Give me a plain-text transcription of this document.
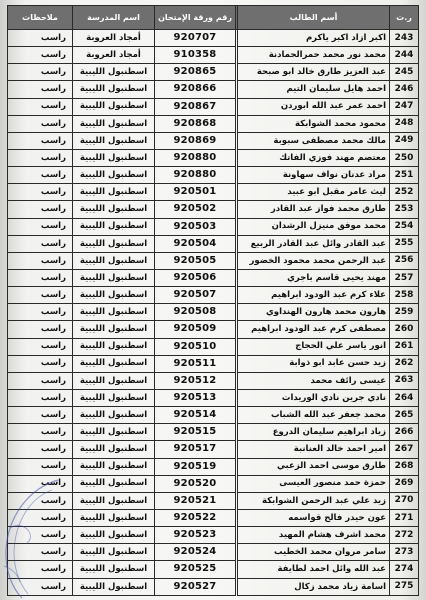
ر.ت	أسم الطالب		رقم ورقة الإمتحان	اسم المدرسة	ملاحظات
243	اكبر ازاد اكبر ياكرم		920707	أمجاد العروبة	راسب
244	محمد نور محمد حمرالحمادنة		910358	أمجاد العروبة	راسب
245	عبد العزيز طارق خالد ابو صبحة		920865	اسطنبول الليبية	راسب
246	احمد هايل سليمان التيم		920866	اسطنبول الليبية	راسب
247	احمد عمر عبد الله ابوردن		920867	اسطنبول الليبية	راسب
248	محمود محمد الشوابكة		920868	اسطنبول الليبية	راسب
249	مالك محمد مصطفى سبوبة		920869	اسطنبول الليبية	راسب
250	معتصم مهند فوزي الفاتك		920880	اسطنبول الليبية	راسب
251	مراد عدنان نواف سهاونة		920880	اسطنبول الليبية	راسب
252	ليث عامر مقبل ابو عبيد		920501	اسطنبول الليبية	راسب
253	طارق محمد فواز عبد القادر		920502	اسطنبول الليبية	راسب
254	محمد موفق منيزل الرشدان		920503	اسطنبول الليبية	راسب
255	عبد القادر وائل عبد القادر الربيع		920504	اسطنبول الليبية	راسب
256	عبد الرحمن محمد محمود الخضور		920505	اسطنبول الليبية	راسب
257	مهند يحيى قاسم باجري		920506	اسطنبول الليبية	راسب
258	علاء كرم عبد الودود ابراهيم		920507	اسطنبول الليبية	راسب
259	هارون محمد هارون الهنداوي		920508	اسطنبول الليبية	راسب
260	مصطفى كرم عبد الودود ابراهيم		920509	اسطنبول الليبية	راسب
261	انور ياسر علي الحجاج		920510	اسطنبول الليبية	راسب
262	زيد حسن عابد ابو ذوابة		920511	اسطنبول الليبية	راسب
263	عيسى رائف محمد		920512	اسطنبول الليبية	راسب
264	نادي جرين نادي الوريدات		920513	اسطنبول الليبية	راسب
265	محمد جعفر عبد الله الشباب		920514	اسطنبول الليبية	راسب
266	زياد ابراهيم سليمان الدروع		920515	اسطنبول الليبية	راسب
267	امير احمد خالد العنانبة		920517	اسطنبول الليبية	راسب
268	طارق موسى احمد الزعبي		920519	اسطنبول الليبية	راسب
269	حمزة حمد منصور العيسى		920520	اسطنبول الليبية	راسب
270	زيد علي عبد الرحمن الشوابكة		920521	اسطنبول الليبية	راسب
271	عون حيدر فالح قواسمه		920522	اسطنبول الليبية	راسب
272	محمد اشرف هشام المهيد		920523	اسطنبول الليبية	راسب
273	سامر مروان محمد الخطيب		920524	اسطنبول الليبية	راسب
274	عبد الله وائل احمد لطايفة		920525	اسطنبول الليبية	راسب
275	اسامة زياد محمد زكال		920527	اسطنبول الليبية	راسب
